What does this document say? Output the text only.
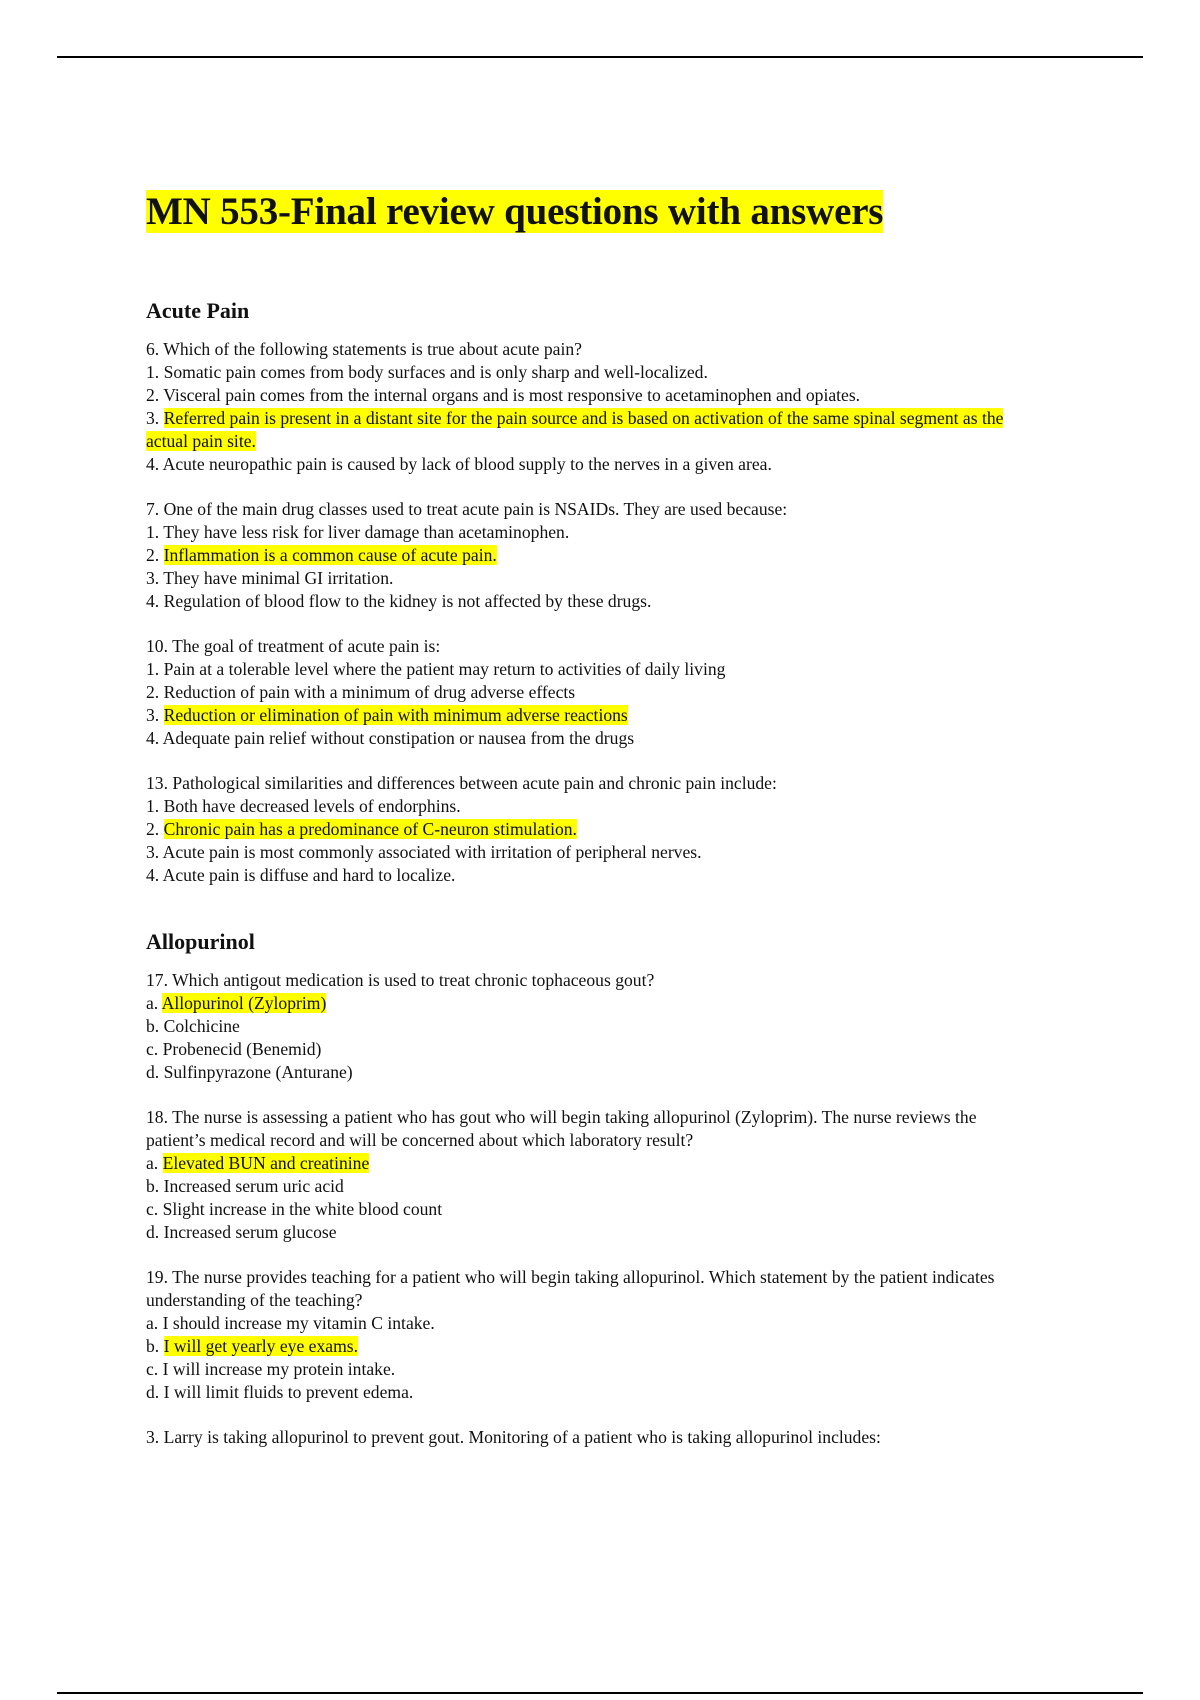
MN 553-Final review questions with answers
Acute Pain

6. Which of the following statements is true about acute pain?

1. Somatic pain comes from body surfaces and is only sharp and well-localized.

2. Visceral pain comes from the internal organs and is most responsive to acetaminophen and opiates.

3. Referred pain is present in a distant site for the pain source and is based on activation of the same spinal segment as the actual pain site.

4. Acute neuropathic pain is caused by lack of blood supply to the nerves in a given area.

7. One of the main drug classes used to treat acute pain is NSAIDs. They are used because:

1. They have less risk for liver damage than acetaminophen.

2. Inflammation is a common cause of acute pain.

3. They have minimal GI irritation.

4. Regulation of blood flow to the kidney is not affected by these drugs.

10. The goal of treatment of acute pain is:

1. Pain at a tolerable level where the patient may return to activities of daily living

2. Reduction of pain with a minimum of drug adverse effects

3. Reduction or elimination of pain with minimum adverse reactions

4. Adequate pain relief without constipation or nausea from the drugs

13. Pathological similarities and differences between acute pain and chronic pain include:

1. Both have decreased levels of endorphins.

2. Chronic pain has a predominance of C-neuron stimulation.

3. Acute pain is most commonly associated with irritation of peripheral nerves.

4. Acute pain is diffuse and hard to localize.

Allopurinol

17. Which antigout medication is used to treat chronic tophaceous gout?

a. Allopurinol (Zyloprim)

b. Colchicine

c. Probenecid (Benemid)

d. Sulfinpyrazone (Anturane)

18. The nurse is assessing a patient who has gout who will begin taking allopurinol (Zyloprim). The nurse reviews the patient’s medical record and will be concerned about which laboratory result?

a. Elevated BUN and creatinine

b. Increased serum uric acid

c. Slight increase in the white blood count

d. Increased serum glucose

19. The nurse provides teaching for a patient who will begin taking allopurinol. Which statement by the patient indicates understanding of the teaching?

a. I should increase my vitamin C intake.

b. I will get yearly eye exams.

c. I will increase my protein intake.

d. I will limit fluids to prevent edema.

3. Larry is taking allopurinol to prevent gout. Monitoring of a patient who is taking allopurinol includes:
